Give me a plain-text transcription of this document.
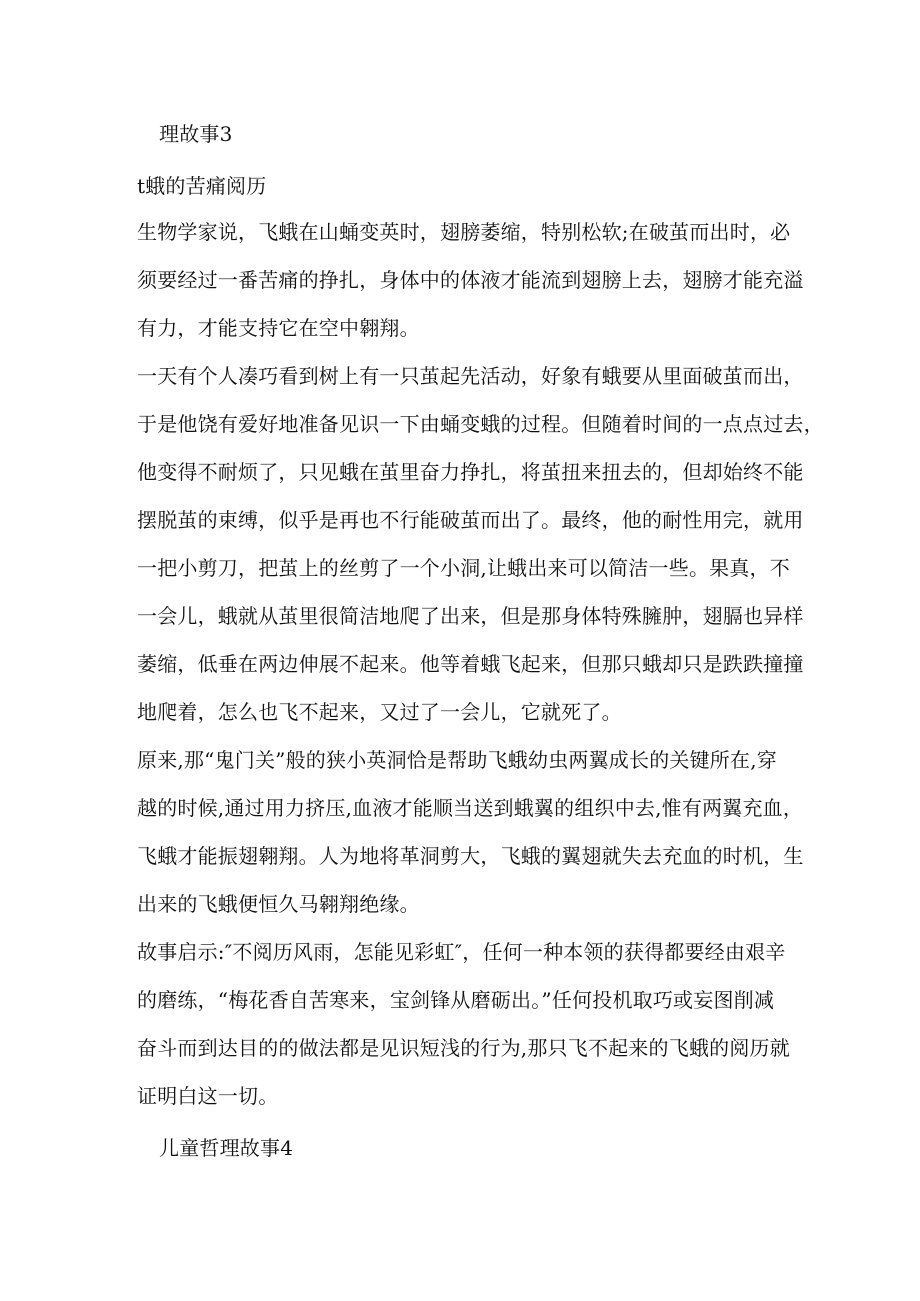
理故事3
t蛾的苦痛阅历
生物学家说，飞蛾在山蛹变英时，翅膀萎缩，特别松软;在破茧而出时，必
须要经过一番苦痛的挣扎，身体中的体液才能流到翅膀上去，翅膀才能充溢
有力，才能支持它在空中翱翔。
一天有个人凑巧看到树上有一只茧起先活动，好象有蛾要从里面破茧而出，
于是他饶有爱好地准备见识一下由蛹变蛾的过程。但随着时间的一点点过去，
他变得不耐烦了，只见蛾在茧里奋力挣扎，将茧扭来扭去的，但却始终不能
摆脱茧的束缚，似乎是再也不行能破茧而出了。最终，他的耐性用完，就用
一把小剪刀，把茧上的丝剪了一个小洞,让蛾出来可以简洁一些。果真，不
一会儿，蛾就从茧里很简洁地爬了出来，但是那身体特殊臃肿，翅膈也异样
萎缩，低垂在两边伸展不起来。他等着蛾飞起来，但那只蛾却只是跌跌撞撞
地爬着，怎么也飞不起来，又过了一会儿，它就死了。
原来,那“鬼门关”般的狭小英洞恰是帮助飞蛾幼虫两翼成长的关键所在,穿
越的时候,通过用力挤压,血液才能顺当送到蛾翼的组织中去,惟有两翼充血，
飞蛾才能振翅翱翔。人为地将革洞剪大，飞蛾的翼翅就失去充血的时机，生
出来的飞蛾便恒久马翱翔绝缘。
故事启示:″不阅历风雨，怎能见彩虹″，任何一种本领的获得都要经由艰辛
的磨练，“梅花香自苦寒来，宝剑锋从磨砺出。”任何投机取巧或妄图削减
奋斗而到达目的的做法都是见识短浅的行为,那只飞不起来的飞蛾的阅历就
证明白这一切。
儿童哲理故事4
